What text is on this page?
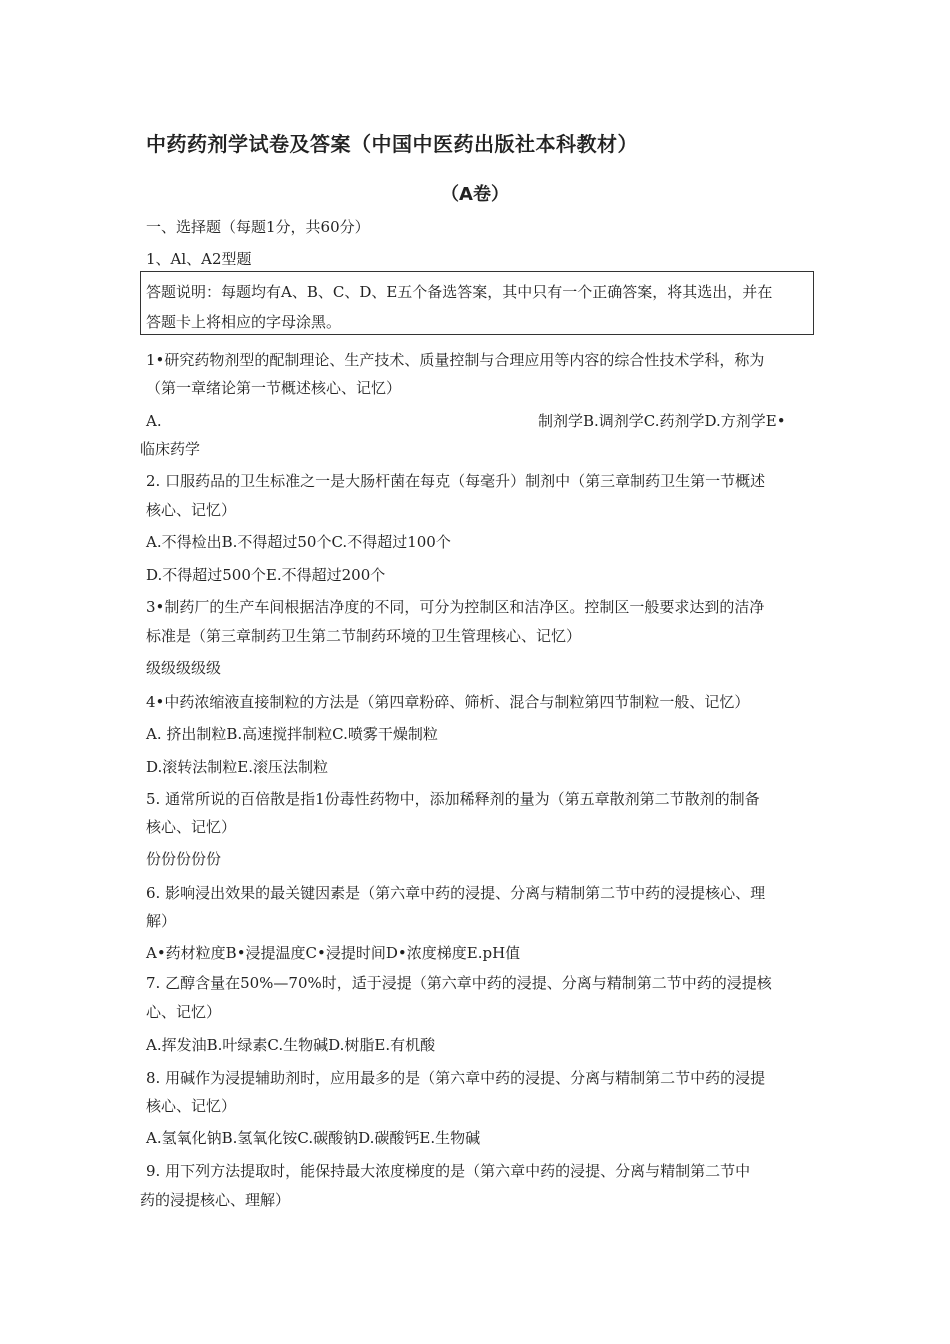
中药药剂学试卷及答案（中国中医药出版社本科教材）
（A卷）
一、选择题（每题1分，共60分）
1、Al、A2型题
答题说明：每题均有A、B、C、D、E五个备选答案，其中只有一个正确答案，将其选出，并在
答题卡上将相应的字母涂黑。
1•研究药物剂型的配制理论、生产技术、质量控制与合理应用等内容的综合性技术学科，称为
（第一章绪论第一节概述核心、记忆）
A.	制剂学B.调剂学C.药剂学D.方剂学E•
临床药学
2. 口服药品的卫生标准之一是大肠杆菌在每克（每毫升）制剂中（第三章制药卫生第一节概述
核心、记忆）
A.不得检出B.不得超过50个C.不得超过100个
D.不得超过500个E.不得超过200个
3•制药厂的生产车间根据洁净度的不同，可分为控制区和洁净区。控制区一般要求达到的洁净
标准是（第三章制药卫生第二节制药环境的卫生管理核心、记忆）
级级级级级
4•中药浓缩液直接制粒的方法是（第四章粉碎、筛析、混合与制粒第四节制粒一般、记忆）
A. 挤出制粒B.高速搅拌制粒C.喷雾干燥制粒
D.滚转法制粒E.滚压法制粒
5. 通常所说的百倍散是指1份毒性药物中，添加稀释剂的量为（第五章散剂第二节散剂的制备
核心、记忆）
份份份份份
6. 影响浸出效果的最关键因素是（第六章中药的浸提、分离与精制第二节中药的浸提核心、理
解）
A•药材粒度B•浸提温度C•浸提时间D•浓度梯度E.pH值
7. 乙醇含量在50%—70%时，适于浸提（第六章中药的浸提、分离与精制第二节中药的浸提核
心、记忆）
A.挥发油B.叶绿素C.生物碱D.树脂E.有机酸
8. 用碱作为浸提辅助剂时，应用最多的是（第六章中药的浸提、分离与精制第二节中药的浸提
核心、记忆）
A.氢氧化钠B.氢氧化铵C.碳酸钠D.碳酸钙E.生物碱
9. 用下列方法提取时，能保持最大浓度梯度的是（第六章中药的浸提、分离与精制第二节中
药的浸提核心、理解）
